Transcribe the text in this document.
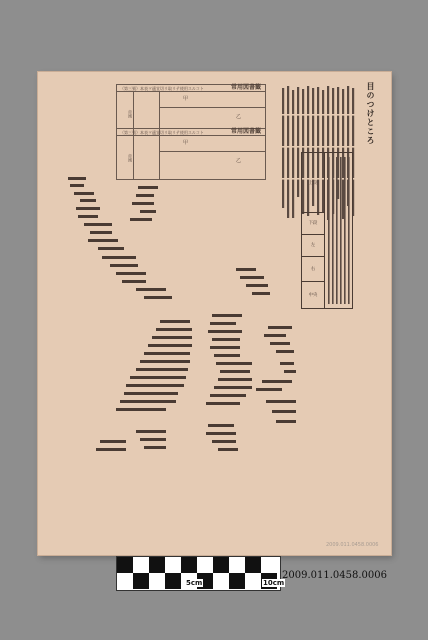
（第三號）本表ヲ適宜切リ取リテ使用スルコト	常用図書籤
帝國
甲
乙
（第三號）本表ヲ適宜切リ取リテ使用スルコト	常用図書籤
帝國
甲
乙
目のつけところ
上段
下段
左
右
中央
2009.011.0458.0006
5cm	10cm
2009.011.0458.0006
